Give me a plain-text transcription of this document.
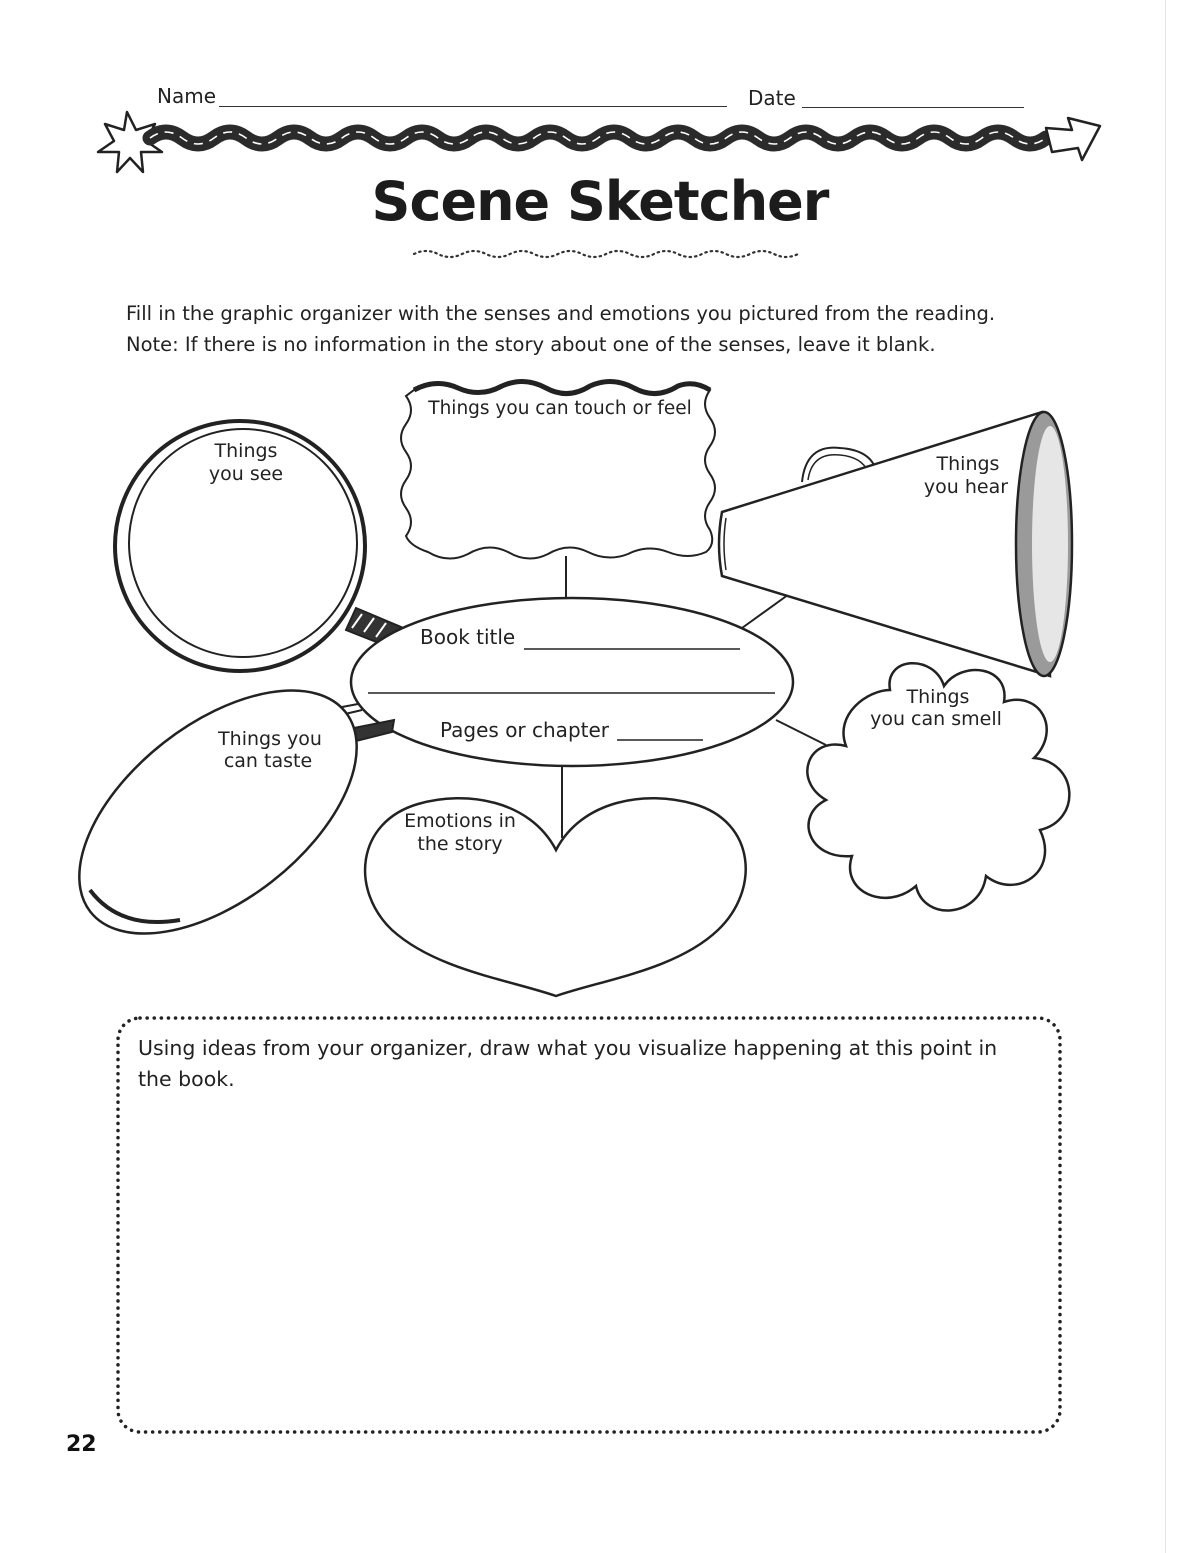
Name	Date
Scene Sketcher
Fill in the graphic organizer with the senses and emotions you pictured from the reading.
Note: If there is no information in the story about one of the senses, leave it blank.
Things
you see
Things you can touch or feel
Things
you hear
Book title
Pages or chapter
Things you
can taste
Emotions in
the story
Things
you can smell
Using ideas from your organizer, draw what you visualize happening at this point in
the book.
22
